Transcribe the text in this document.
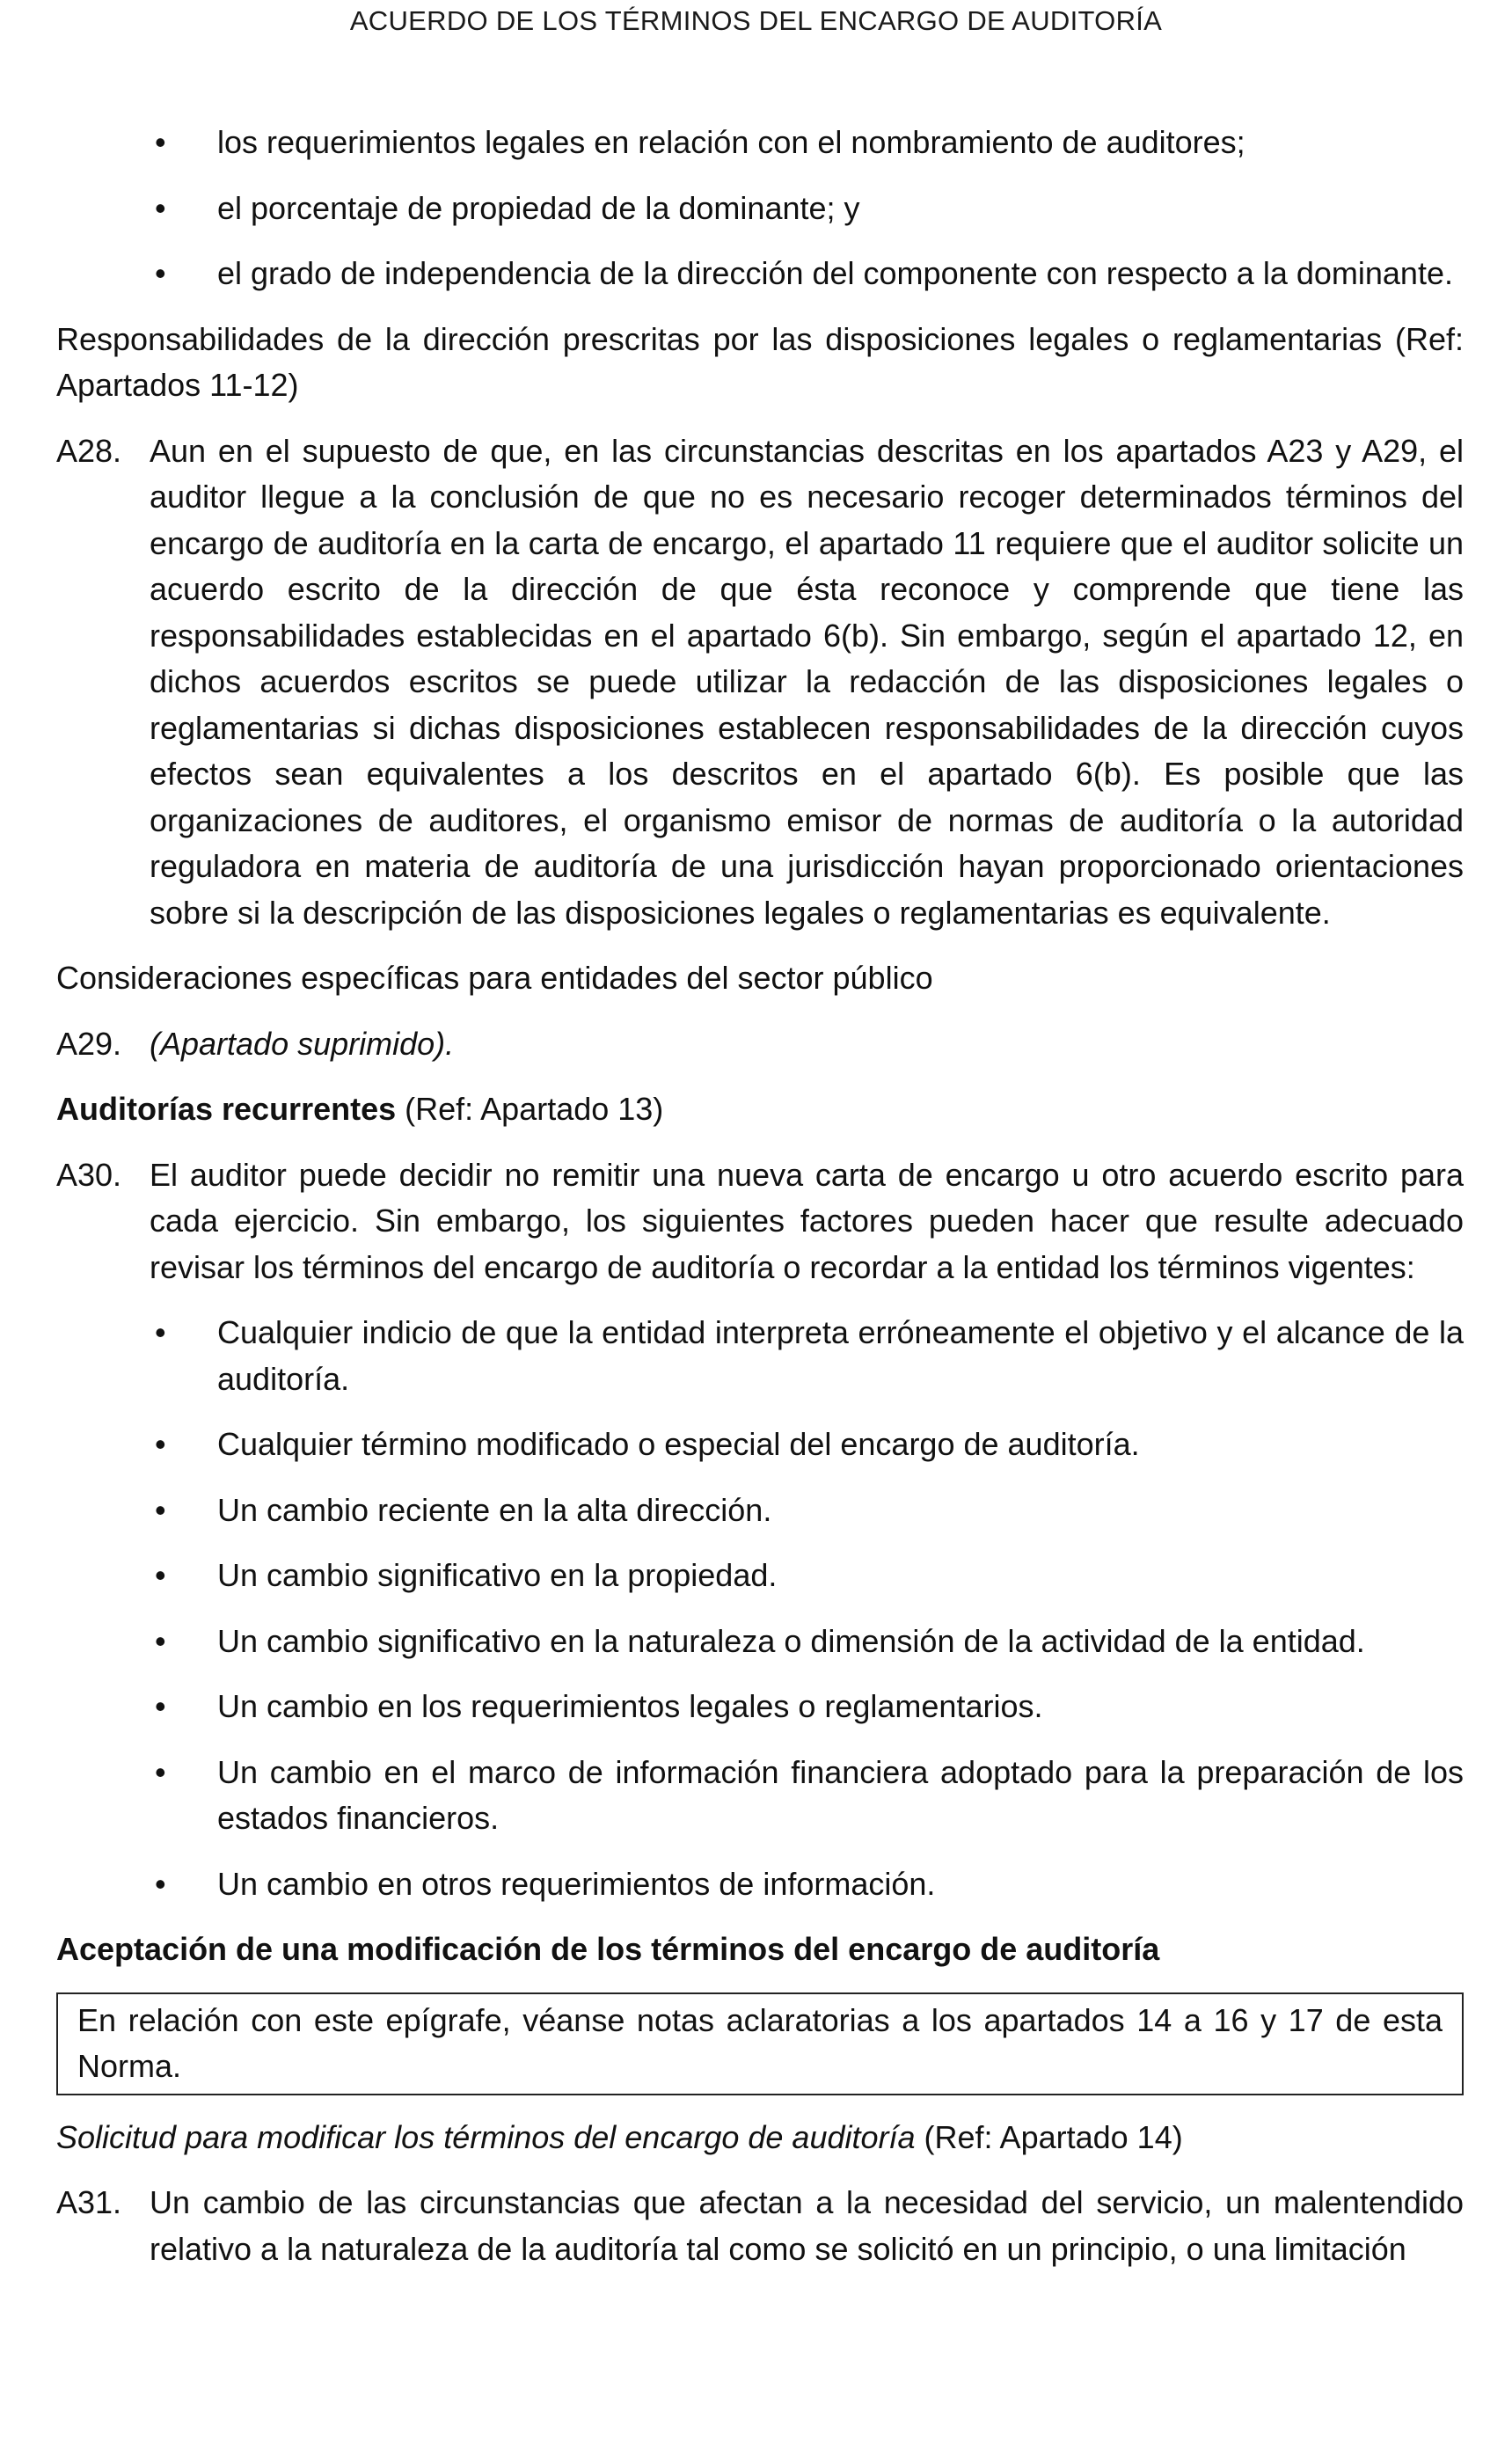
ACUERDO DE LOS TÉRMINOS DEL ENCARGO DE AUDITORÍA
• los requerimientos legales en relación con el nombramiento de auditores;
• el porcentaje de propiedad de la dominante; y
• el grado de independencia de la dirección del componente con respecto a la dominante.

Responsabilidades de la dirección prescritas por las disposiciones legales o reglamentarias (Ref: Apartados 11-12)

A28. Aun en el supuesto de que, en las circunstancias descritas en los apartados A23 y A29, el auditor llegue a la conclusión de que no es necesario recoger determinados términos del encargo de auditoría en la carta de encargo, el apartado 11 requiere que el auditor solicite un acuerdo escrito de la dirección de que ésta reconoce y comprende que tiene las responsabilidades establecidas en el apartado 6(b). Sin embargo, según el apartado 12, en dichos acuerdos escritos se puede utilizar la redacción de las disposiciones legales o reglamentarias si dichas disposiciones establecen responsabilidades de la dirección cuyos efectos sean equivalentes a los descritos en el apartado 6(b). Es posible que las organizaciones de auditores, el organismo emisor de normas de auditoría o la autoridad reguladora en materia de auditoría de una jurisdicción hayan proporcionado orientaciones sobre si la descripción de las disposiciones legales o reglamentarias es equivalente.

Consideraciones específicas para entidades del sector público

A29. (Apartado suprimido).

Auditorías recurrentes (Ref: Apartado 13)

A30. El auditor puede decidir no remitir una nueva carta de encargo u otro acuerdo escrito para cada ejercicio. Sin embargo, los siguientes factores pueden hacer que resulte adecuado revisar los términos del encargo de auditoría o recordar a la entidad los términos vigentes:
• Cualquier indicio de que la entidad interpreta erróneamente el objetivo y el alcance de la auditoría.
• Cualquier término modificado o especial del encargo de auditoría.
• Un cambio reciente en la alta dirección.
• Un cambio significativo en la propiedad.
• Un cambio significativo en la naturaleza o dimensión de la actividad de la entidad.
• Un cambio en los requerimientos legales o reglamentarios.
• Un cambio en el marco de información financiera adoptado para la preparación de los estados financieros.
• Un cambio en otros requerimientos de información.

Aceptación de una modificación de los términos del encargo de auditoría

En relación con este epígrafe, véanse notas aclaratorias a los apartados 14 a 16 y 17 de esta Norma.

Solicitud para modificar los términos del encargo de auditoría (Ref: Apartado 14)

A31. Un cambio de las circunstancias que afectan a la necesidad del servicio, un malentendido relativo a la naturaleza de la auditoría tal como se solicitó en un principio, o una limitación
